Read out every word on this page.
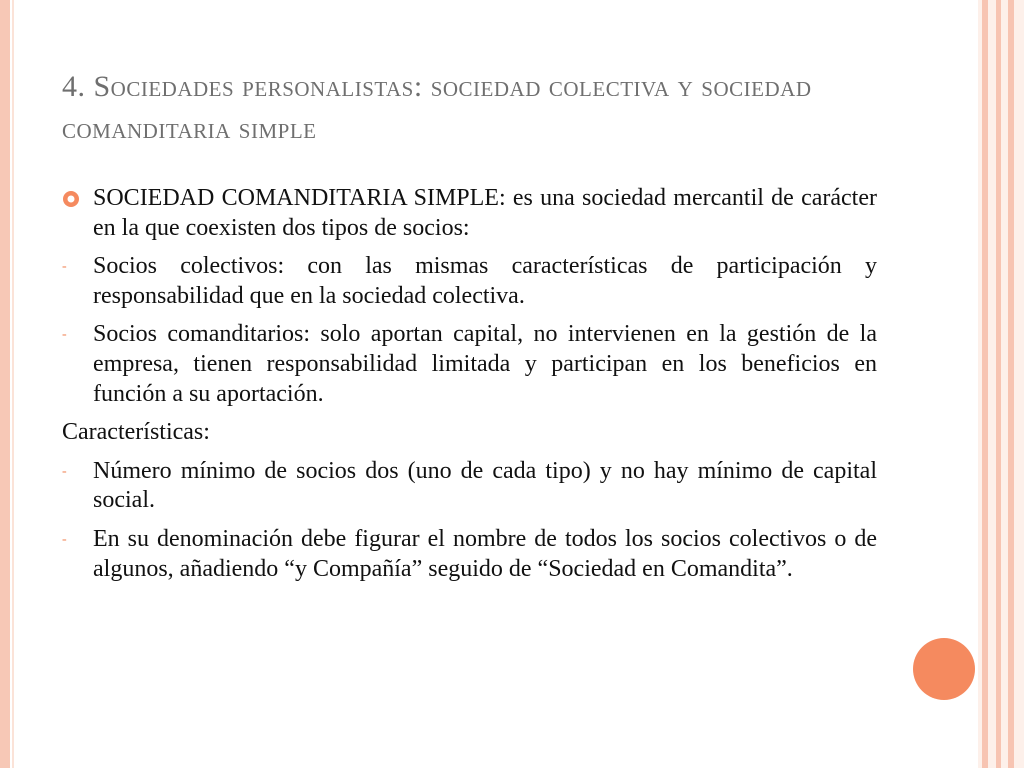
4. Sociedades personalistas: sociedad colectiva y sociedad comanditaria simple
SOCIEDAD COMANDITARIA SIMPLE: es una sociedad mercantil de carácter en la que coexisten dos tipos de socios:
- Socios colectivos: con las mismas características de participación y responsabilidad que en la sociedad colectiva.
- Socios comanditarios: solo aportan capital, no intervienen en la gestión de la empresa, tienen responsabilidad limitada y participan en los beneficios en función a su aportación.
Características:
- Número mínimo de socios dos (uno de cada tipo) y no hay mínimo de capital social.
- En su denominación debe figurar el nombre de todos los socios colectivos o de algunos, añadiendo “y Compañía” seguido de “Sociedad en Comandita”.
